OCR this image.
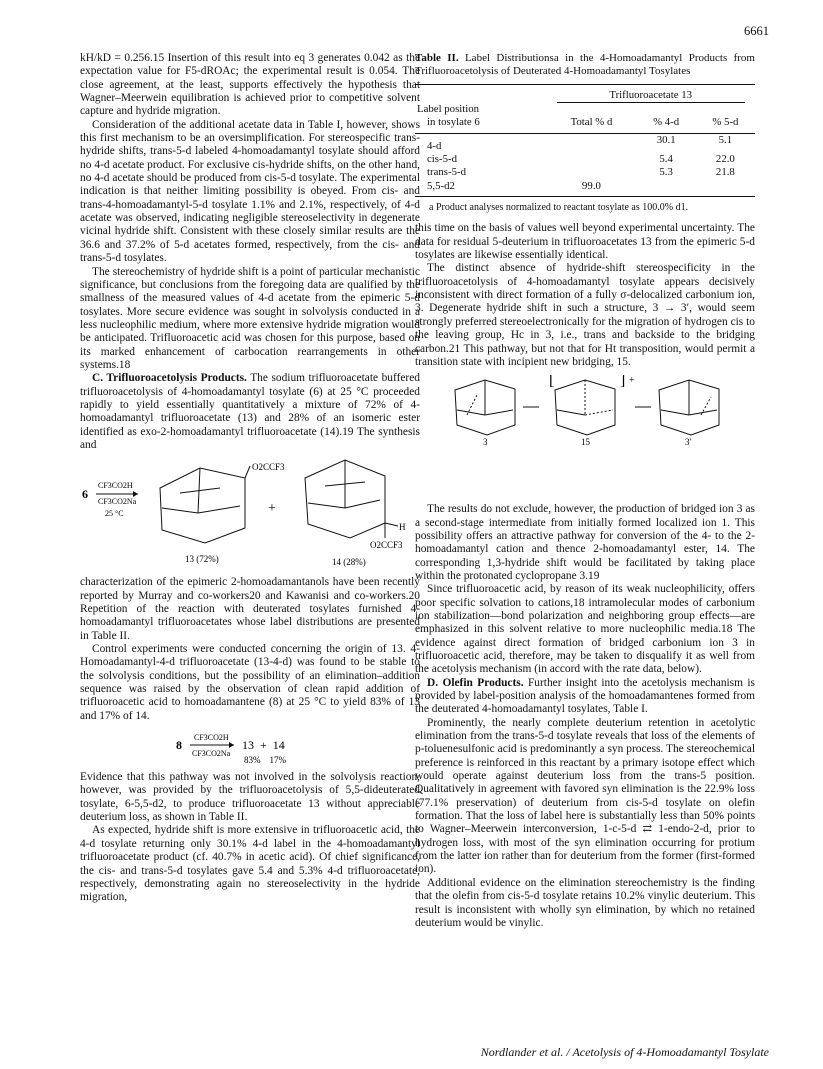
6661

kH/kD = 0.256.15 Insertion of this result into eq 3 generates 0.042 as the expectation value for F5-dROAc; the experimental result is 0.054. The close agreement, at the least, supports effectively the hypothesis that Wagner–Meerwein equilibration is achieved prior to competitive solvent capture and hydride migration.

Consideration of the additional acetate data in Table I, however, shows this first mechanism to be an oversimplification. For stereospecific trans-hydride shifts, trans-5-d labeled 4-homoadamantyl tosylate should afford no 4-d acetate product. For exclusive cis-hydride shifts, on the other hand, no 4-d acetate should be produced from cis-5-d tosylate. The experimental indication is that neither limiting possibility is obeyed. From cis- and trans-4-homoadamantyl-5-d tosylate 1.1% and 2.1%, respectively, of 4-d acetate was observed, indicating negligible stereoselectivity in degenerate vicinal hydride shift. Consistent with these closely similar results are the 36.6 and 37.2% of 5-d acetates formed, respectively, from the cis- and trans-5-d tosylates.

The stereochemistry of hydride shift is a point of particular mechanistic significance, but conclusions from the foregoing data are qualified by the smallness of the measured values of 4-d acetate from the epimeric 5-d tosylates. More secure evidence was sought in solvolysis conducted in a less nucleophilic medium, where more extensive hydride migration would be anticipated. Trifluoroacetic acid was chosen for this purpose, based on its marked enhancement of carbocation rearrangements in other systems.18

C. Trifluoroacetolysis Products. The sodium trifluoroacetate buffered trifluoroacetolysis of 4-homoadamantyl tosylate (6) at 25 °C proceeded rapidly to yield essentially quantitatively a mixture of 72% of 4-homoadamantyl trifluoroacetate (13) and 28% of an isomeric ester identified as exo-2-homoadamantyl trifluoroacetate (14).19 The synthesis and

6
CF3CO2H
CF3CO2Na
25 °C
O2CCF3
13 (72%)
+
H
O2CCF3
14 (28%)

characterization of the epimeric 2-homoadamantanols have been recently reported by Murray and co-workers20 and Kawanisi and co-workers.20 Repetition of the reaction with deuterated tosylates furnished 4-homoadamantyl trifluoroacetates whose label distributions are presented in Table II.

Control experiments were conducted concerning the origin of 13. 4-Homoadamantyl-4-d trifluoroacetate (13-4-d) was found to be stable to the solvolysis conditions, but the possibility of an elimination–addition sequence was raised by the observation of clean rapid addition of trifluoroacetic acid to homoadamantene (8) at 25 °C to yield 83% of 13 and 17% of 14.

8
CF3CO2H
CF3CO2Na
13  +  14
83%    17%

Evidence that this pathway was not involved in the solvolysis reaction, however, was provided by the trifluoroacetolysis of 5,5-dideuterated tosylate, 6-5,5-d2, to produce trifluoroacetate 13 without appreciable deuterium loss, as shown in Table II.

As expected, hydride shift is more extensive in trifluoroacetic acid, the 4-d tosylate returning only 30.1% 4-d label in the 4-homoadamantyl trifluoroacetate product (cf. 40.7% in acetic acid). Of chief significance, the cis- and trans-5-d tosylates gave 5.4 and 5.3% 4-d trifluoroacetate, respectively, demonstrating again no stereoselectivity in the hydride migration,

Table II. Label Distributionsa in the 4-Homoadamantyl Products from Trifluoroacetolysis of Deuterated 4-Homoadamantyl Tosylates
Label position	Trifluoroacetate 13		
in tosylate 6	Total % d	% 4-d	% 5-d
4-d		30.1	5.1
cis-5-d		5.4	22.0
trans-5-d		5.3	21.8
5,5-d2	99.0		
a Product analyses normalized to reactant tosylate as 100.0% d1.

this time on the basis of values well beyond experimental uncertainty. The data for residual 5-deuterium in trifluoroacetates 13 from the epimeric 5-d tosylates are likewise essentially identical.

The distinct absence of hydride-shift stereospecificity in the trifluoroacetolysis of 4-homoadamantyl tosylate appears decisively inconsistent with direct formation of a fully σ-delocalized carbonium ion, 3. Degenerate hydride shift in such a structure, 3 → 3′, would seem strongly preferred stereoelectronically for the migration of hydrogen cis to the leaving group, Hc in 3, i.e., trans and backside to the bridging carbon.21 This pathway, but not that for Ht transposition, would permit a transition state with incipient new bridging, 15.

[	] +
3	15	3′

The results do not exclude, however, the production of bridged ion 3 as a second-stage intermediate from initially formed localized ion 1. This possibility offers an attractive pathway for conversion of the 4- to the 2-homoadamantyl cation and thence 2-homoadamantyl ester, 14. The corresponding 1,3-hydride shift would be facilitated by taking place within the protonated cyclopropane 3.19

Since trifluoroacetic acid, by reason of its weak nucleophilicity, offers poor specific solvation to cations,18 intramolecular modes of carbonium ion stabilization—bond polarization and neighboring group effects—are emphasized in this solvent relative to more nucleophilic media.18 The evidence against direct formation of bridged carbonium ion 3 in trifluoroacetic acid, therefore, may be taken to disqualify it as well from the acetolysis mechanism (in accord with the rate data, below).

D. Olefin Products. Further insight into the acetolysis mechanism is provided by label-position analysis of the homoadamantenes formed from the deuterated 4-homoadamantyl tosylates, Table I.

Prominently, the nearly complete deuterium retention in acetolytic elimination from the trans-5-d tosylate reveals that loss of the elements of p-toluenesulfonic acid is predominantly a syn process. The stereochemical preference is reinforced in this reactant by a primary isotope effect which would operate against deuterium loss from the trans-5 position. Qualitatively in agreement with favored syn elimination is the 22.9% loss (77.1% preservation) of deuterium from cis-5-d tosylate on olefin formation. That the loss of label here is substantially less than 50% points to Wagner–Meerwein interconversion, 1-c-5-d ⇄ 1-endo-2-d, prior to hydrogen loss, with most of the syn elimination occurring for protium from the latter ion rather than for deuterium from the former (first-formed ion).

Additional evidence on the elimination stereochemistry is the finding that the olefin from cis-5-d tosylate retains 10.2% vinylic deuterium. This result is inconsistent with wholly syn elimination, by which no retained deuterium would be vinylic.

Nordlander et al. / Acetolysis of 4-Homoadamantyl Tosylate
